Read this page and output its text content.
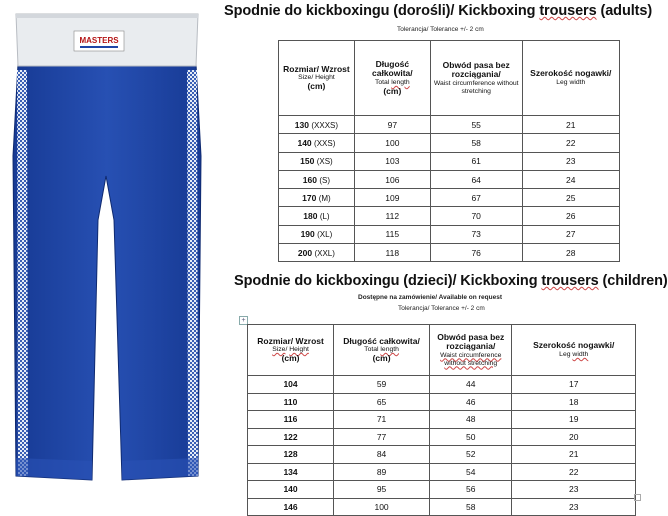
MASTERS
Spodnie do kickboxingu (dorośli)/ Kickboxing trousers (adults)
Tolerancja/ Tolerance +/- 2 cm
Rozmiar/ Wzrost
Size/ Height
(cm)	Długość całkowita/
Total length
(cm)	Obwód pasa bez rozciągania/
Waist circumference without stretching	Szerokość nogawki/
Leg width

130 (XXXS)	97	55	21
140 (XXS)	100	58	22
150 (XS)	103	61	23
160 (S)	106	64	24
170 (M)	109	67	25
180 (L)	112	70	26
190 (XL)	115	73	27
200 (XXL)	118	76	28
Spodnie do kickboxingu (dzieci)/ Kickboxing trousers (children)
Dostępne na zamówienie/ Available on request
Tolerancja/ Tolerance +/- 2 cm
+
Rozmiar/ Wzrost
Size/ Height
(cm)	Długość całkowita/
Total length
(cm)	Obwód pasa bez rozciągania/
Waist circumference
without stretching	Szerokość nogawki/
Leg width

104	59	44	17
110	65	46	18
116	71	48	19
122	77	50	20
128	84	52	21
134	89	54	22
140	95	56	23
146	100	58	23
